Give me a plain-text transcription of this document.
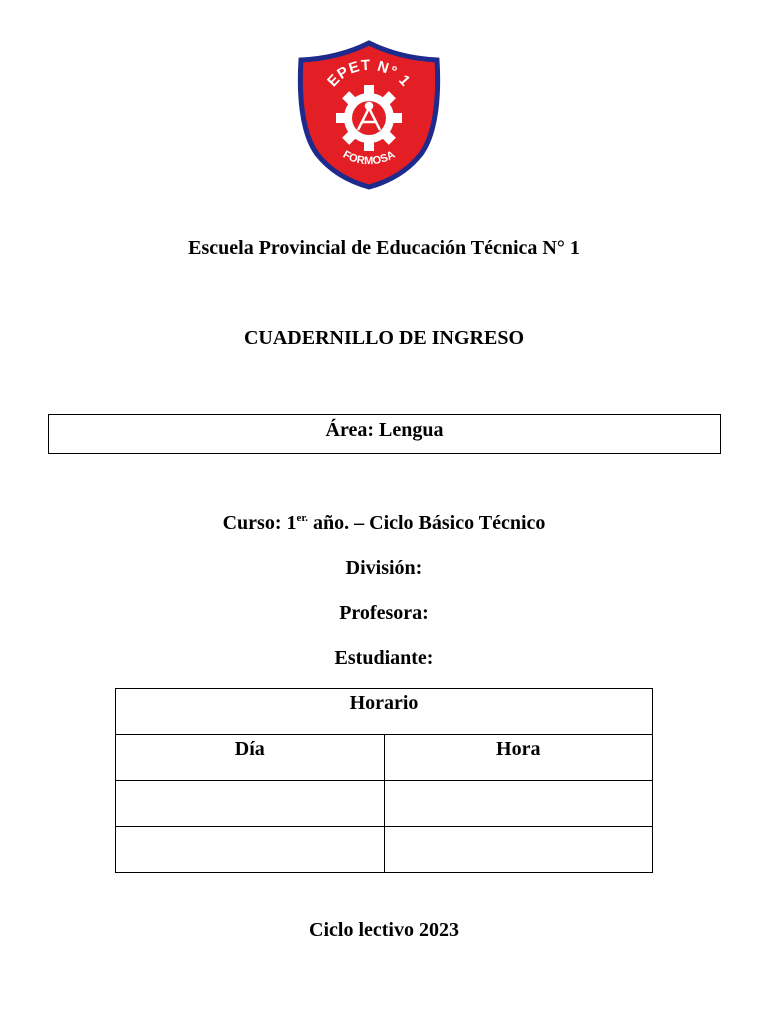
EPET N° 1
FORMOSA
Escuela Provincial de Educación Técnica N° 1
CUADERNILLO DE INGRESO
Área: Lengua
Curso: $1^{er.}$ año. – Ciclo Básico Técnico
División:
Profesora:
Estudiante:
Horario	
Día	Hora

Ciclo lectivo 2023
